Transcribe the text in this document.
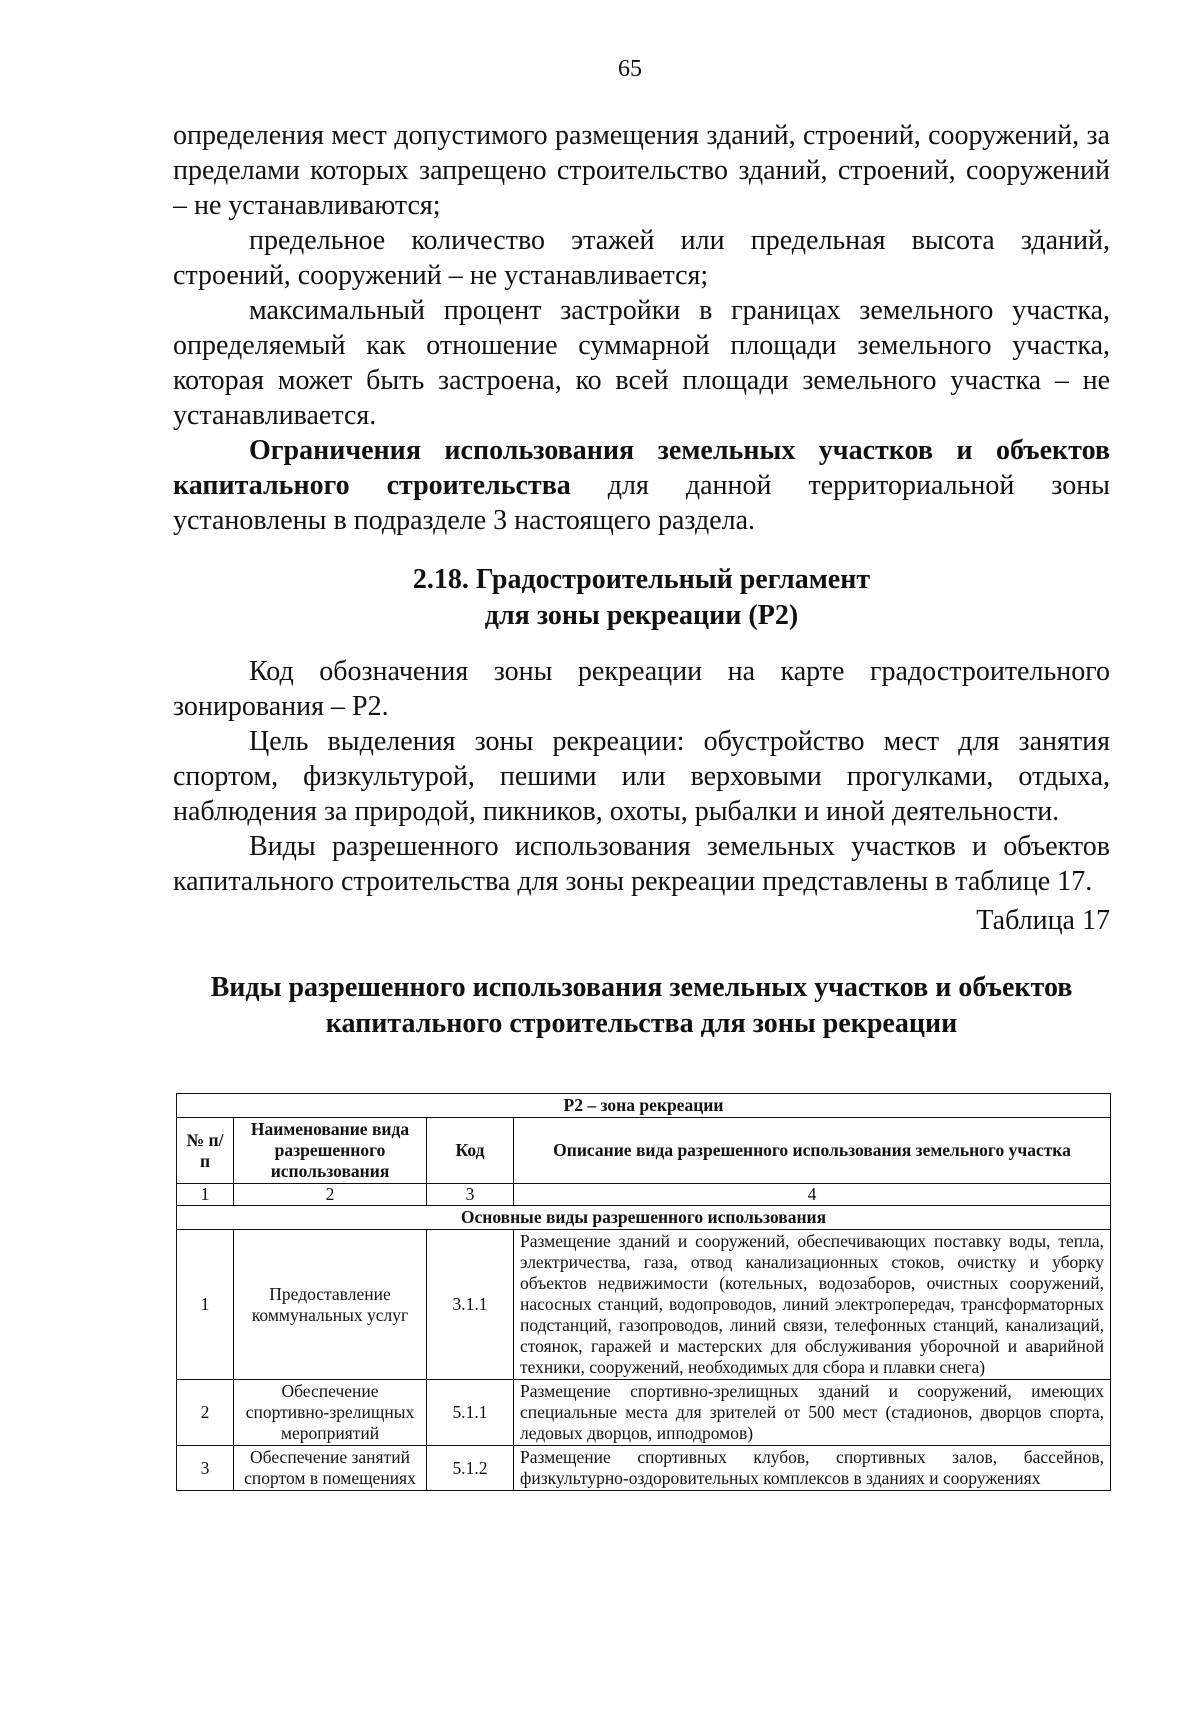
65

определения мест допустимого размещения зданий, строений, сооружений, за пределами которых запрещено строительство зданий, строений, сооружений – не устанавливаются;

предельное количество этажей или предельная высота зданий, строений, сооружений – не устанавливается;

максимальный процент застройки в границах земельного участка, определяемый как отношение суммарной площади земельного участка, которая может быть застроена, ко всей площади земельного участка – не устанавливается.

Ограничения использования земельных участков и объектов капитального строительства для данной территориальной зоны установлены в подразделе 3 настоящего раздела.

2.18. Градостроительный регламент
для зоны рекреации (Р2)

Код обозначения зоны рекреации на карте градостроительного зонирования – Р2.

Цель выделения зоны рекреации: обустройство мест для занятия спортом, физкультурой, пешими или верховыми прогулками, отдыха, наблюдения за природой, пикников, охоты, рыбалки и иной деятельности.

Виды разрешенного использования земельных участков и объектов капитального строительства для зоны рекреации представлены в таблице 17.

Таблица 17

Виды разрешенного использования земельных участков и объектов
капитального строительства для зоны рекреации

Р2 – зона рекреации			
№ п/п	Наименование вида разрешенного использования	Код	Описание вида разрешенного использования земельного участка
1	2	3	4
Основные виды разрешенного использования			
1	Предоставление коммунальных услуг	3.1.1	Размещение зданий и сооружений, обеспечивающих поставку воды, тепла, электричества, газа, отвод канализационных стоков, очистку и уборку объектов недвижимости (котельных, водозаборов, очистных сооружений, насосных станций, водопроводов, линий электропередач, трансформаторных подстанций, газопроводов, линий связи, телефонных станций, канализаций, стоянок, гаражей и мастерских для обслуживания уборочной и аварийной техники, сооружений, необходимых для сбора и плавки снега)
2	Обеспечение спортивно-зрелищных мероприятий	5.1.1	Размещение спортивно-зрелищных зданий и сооружений, имеющих специальные места для зрителей от 500 мест (стадионов, дворцов спорта, ледовых дворцов, ипподромов)
3	Обеспечение занятий спортом в помещениях	5.1.2	Размещение спортивных клубов, спортивных залов, бассейнов, физкультурно-оздоровительных комплексов в зданиях и сооружениях
